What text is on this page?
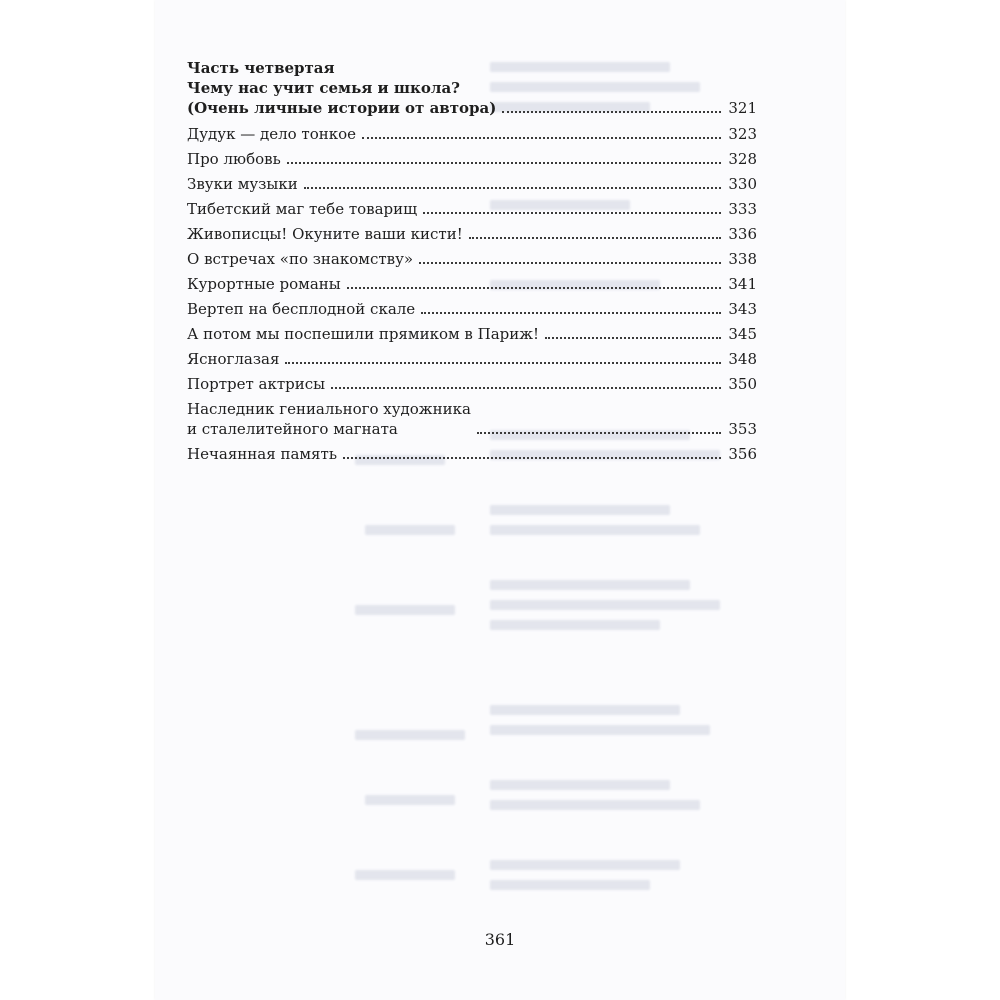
Часть четвертая
Чему нас учит семья и школа?
(Очень личные истории от автора)	321
Дудук — дело тонкое	323
Про любовь	328
Звуки музыки	330
Тибетский маг тебе товарищ	333
Живописцы! Окуните ваши кисти!	336
О встречах «по знакомству»	338
Курортные романы	341
Вертеп на бесплодной скале	343
А потом мы поспешили прямиком в Париж!	345
Ясноглазая	348
Портрет актрисы	350
Наследник гениального художника
и сталелитейного магната	353
Нечаянная память	356
361
